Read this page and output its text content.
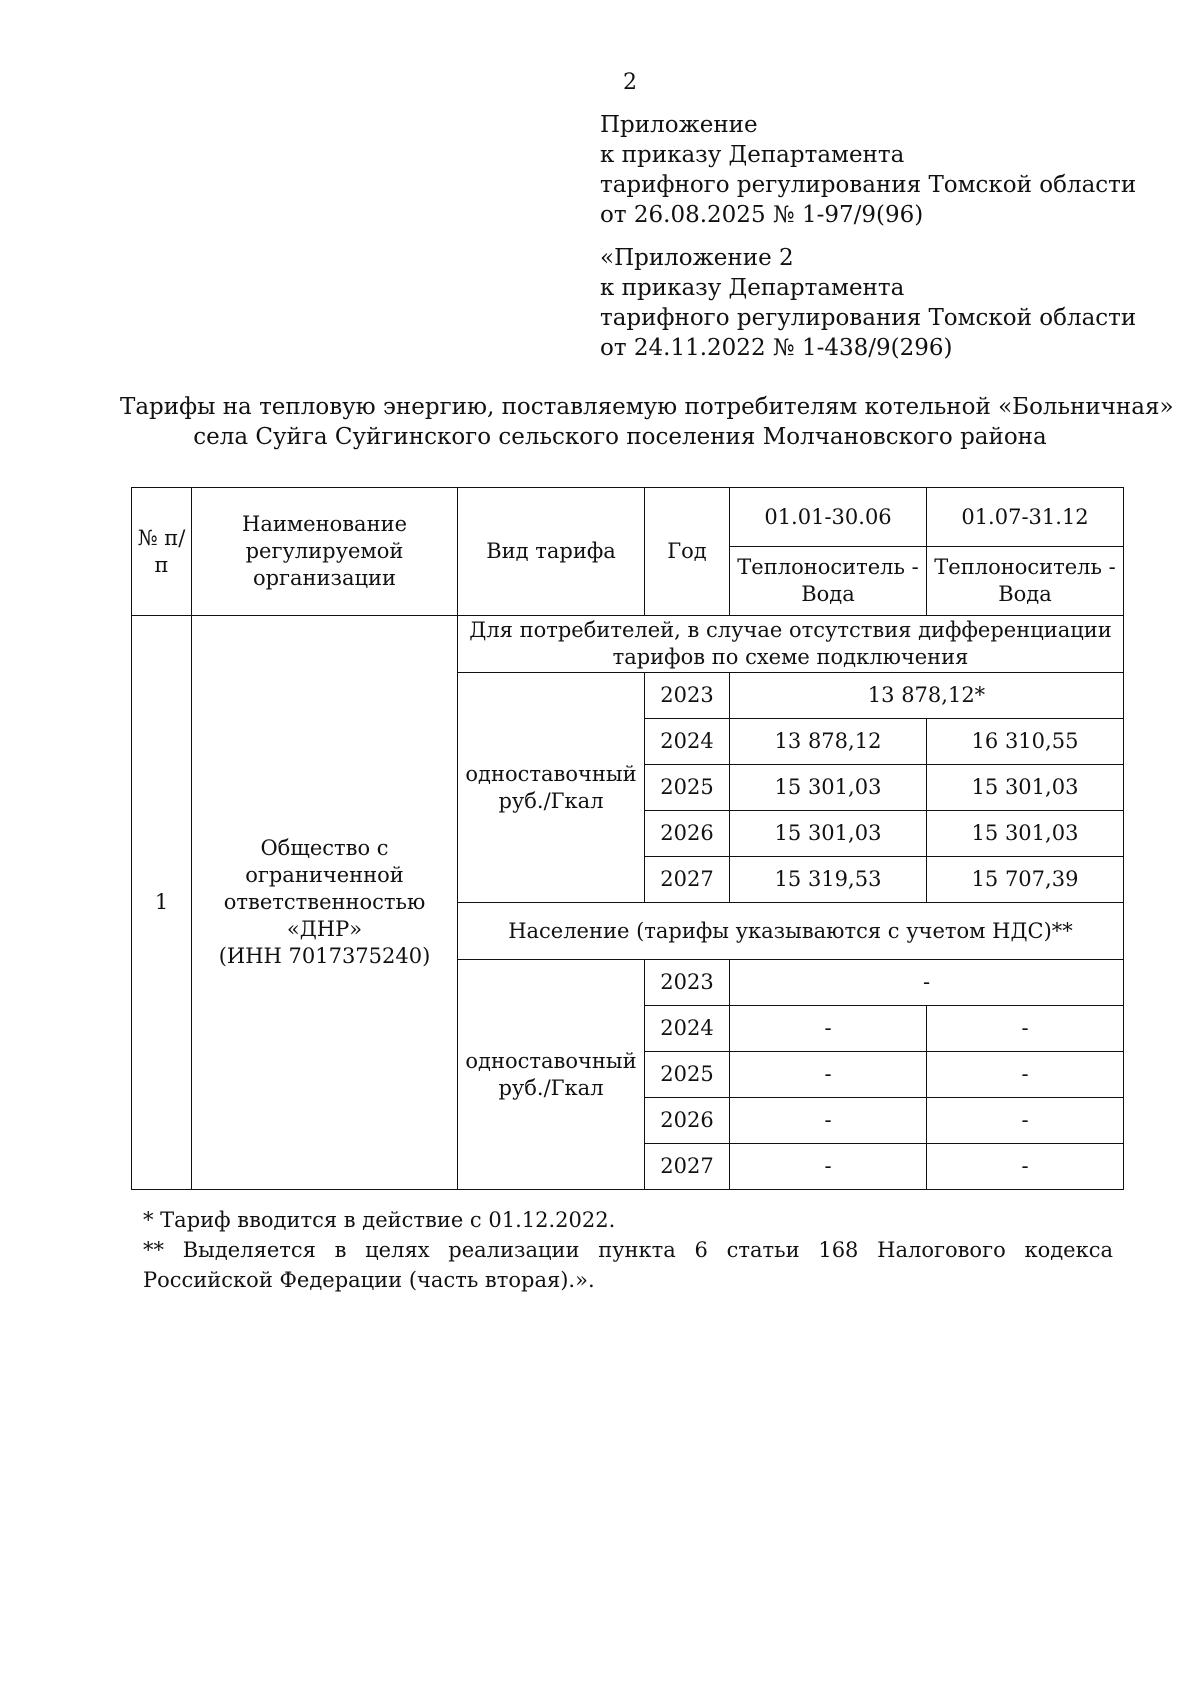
2
Приложение
к приказу Департамента
тарифного регулирования Томской области
от 26.08.2025 № 1-97/9(96)
«Приложение 2
к приказу Департамента
тарифного регулирования Томской области
от 24.11.2022 № 1-438/9(296)
Тарифы на тепловую энергию, поставляемую потребителям котельной «Больничная»
села Суйга Суйгинского сельского поселения Молчановского района
№ п/п	Наименование регулируемой организации	Вид тарифа	Год	01.01-30.06	01.07-31.12
				Теплоноситель - Вода	Теплоноситель - Вода
1	Общество с
ограниченной
ответственностью
«ДНР»
(ИНН 7017375240)	Для потребителей, в случае отсутствия дифференциации тарифов по схеме подключения			
		одноставочный руб./Гкал	2023	13 878,12*	
			2024	13 878,12	16 310,55
			2025	15 301,03	15 301,03
			2026	15 301,03	15 301,03
			2027	15 319,53	15 707,39
		Население (тарифы указываются с учетом НДС)**			
		одноставочный руб./Гкал	2023	-	
			2024	-	-
			2025	-	-
			2026	-	-
			2027	-	-
* Тариф вводится в действие с 01.12.2022.
** Выделяется в целях реализации пункта 6 статьи 168 Налогового кодекса Российской Федерации (часть вторая).».
